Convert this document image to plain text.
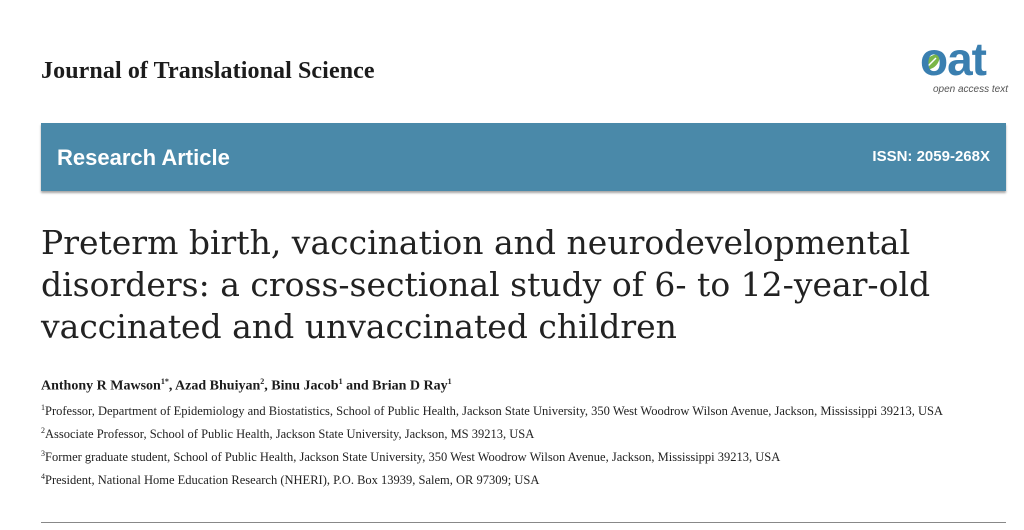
Journal of Translational Science	oat
open access text
Research Article	ISSN: 2059-268X
Preterm birth, vaccination and neurodevelopmental disorders: a cross-sectional study of 6- to 12-year-old vaccinated and unvaccinated children
Anthony R Mawson$^{1*}$, Azad Bhuiyan$^2$, Binu Jacob$^1$ and Brian D Ray$^1$
$^1$Professor, Department of Epidemiology and Biostatistics, School of Public Health, Jackson State University, 350 West Woodrow Wilson Avenue, Jackson, Mississippi 39213, USA
$^2$Associate Professor, School of Public Health, Jackson State University, Jackson, MS 39213, USA
$^3$Former graduate student, School of Public Health, Jackson State University, 350 West Woodrow Wilson Avenue, Jackson, Mississippi 39213, USA
$^4$President, National Home Education Research (NHERI), P.O. Box 13939, Salem, OR 97309; USA
